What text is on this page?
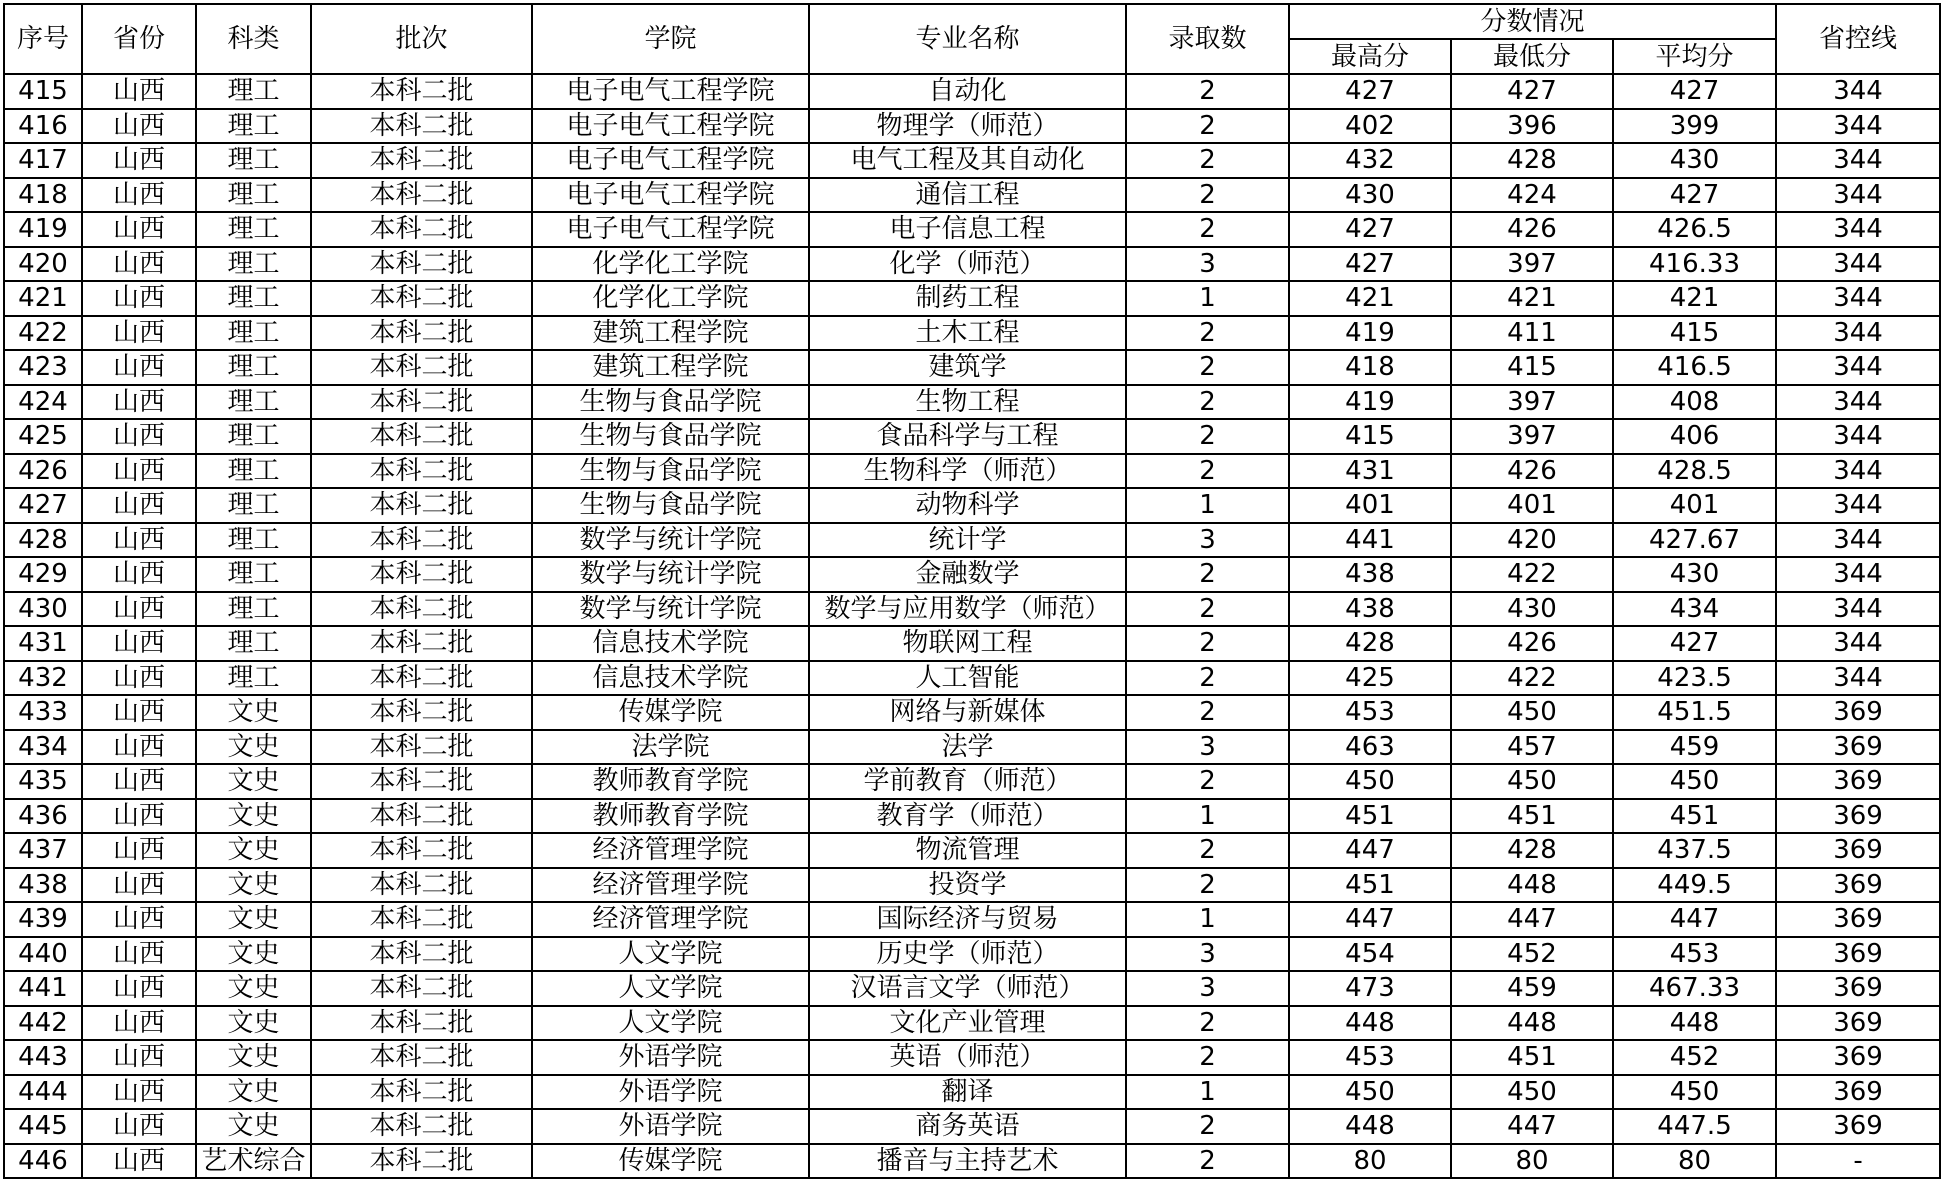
序号	省份	科类	批次	学院	专业名称	录取数	分数情况			省控线
							最高分	最低分	平均分	
415	山西	理工	本科二批	电子电气工程学院	自动化	2	427	427	427	344
416	山西	理工	本科二批	电子电气工程学院	物理学（师范）	2	402	396	399	344
417	山西	理工	本科二批	电子电气工程学院	电气工程及其自动化	2	432	428	430	344
418	山西	理工	本科二批	电子电气工程学院	通信工程	2	430	424	427	344
419	山西	理工	本科二批	电子电气工程学院	电子信息工程	2	427	426	426.5	344
420	山西	理工	本科二批	化学化工学院	化学（师范）	3	427	397	416.33	344
421	山西	理工	本科二批	化学化工学院	制药工程	1	421	421	421	344
422	山西	理工	本科二批	建筑工程学院	土木工程	2	419	411	415	344
423	山西	理工	本科二批	建筑工程学院	建筑学	2	418	415	416.5	344
424	山西	理工	本科二批	生物与食品学院	生物工程	2	419	397	408	344
425	山西	理工	本科二批	生物与食品学院	食品科学与工程	2	415	397	406	344
426	山西	理工	本科二批	生物与食品学院	生物科学（师范）	2	431	426	428.5	344
427	山西	理工	本科二批	生物与食品学院	动物科学	1	401	401	401	344
428	山西	理工	本科二批	数学与统计学院	统计学	3	441	420	427.67	344
429	山西	理工	本科二批	数学与统计学院	金融数学	2	438	422	430	344
430	山西	理工	本科二批	数学与统计学院	数学与应用数学（师范）	2	438	430	434	344
431	山西	理工	本科二批	信息技术学院	物联网工程	2	428	426	427	344
432	山西	理工	本科二批	信息技术学院	人工智能	2	425	422	423.5	344
433	山西	文史	本科二批	传媒学院	网络与新媒体	2	453	450	451.5	369
434	山西	文史	本科二批	法学院	法学	3	463	457	459	369
435	山西	文史	本科二批	教师教育学院	学前教育（师范）	2	450	450	450	369
436	山西	文史	本科二批	教师教育学院	教育学（师范）	1	451	451	451	369
437	山西	文史	本科二批	经济管理学院	物流管理	2	447	428	437.5	369
438	山西	文史	本科二批	经济管理学院	投资学	2	451	448	449.5	369
439	山西	文史	本科二批	经济管理学院	国际经济与贸易	1	447	447	447	369
440	山西	文史	本科二批	人文学院	历史学（师范）	3	454	452	453	369
441	山西	文史	本科二批	人文学院	汉语言文学（师范）	3	473	459	467.33	369
442	山西	文史	本科二批	人文学院	文化产业管理	2	448	448	448	369
443	山西	文史	本科二批	外语学院	英语（师范）	2	453	451	452	369
444	山西	文史	本科二批	外语学院	翻译	1	450	450	450	369
445	山西	文史	本科二批	外语学院	商务英语	2	448	447	447.5	369
446	山西	艺术综合	本科二批	传媒学院	播音与主持艺术	2	80	80	80	-
